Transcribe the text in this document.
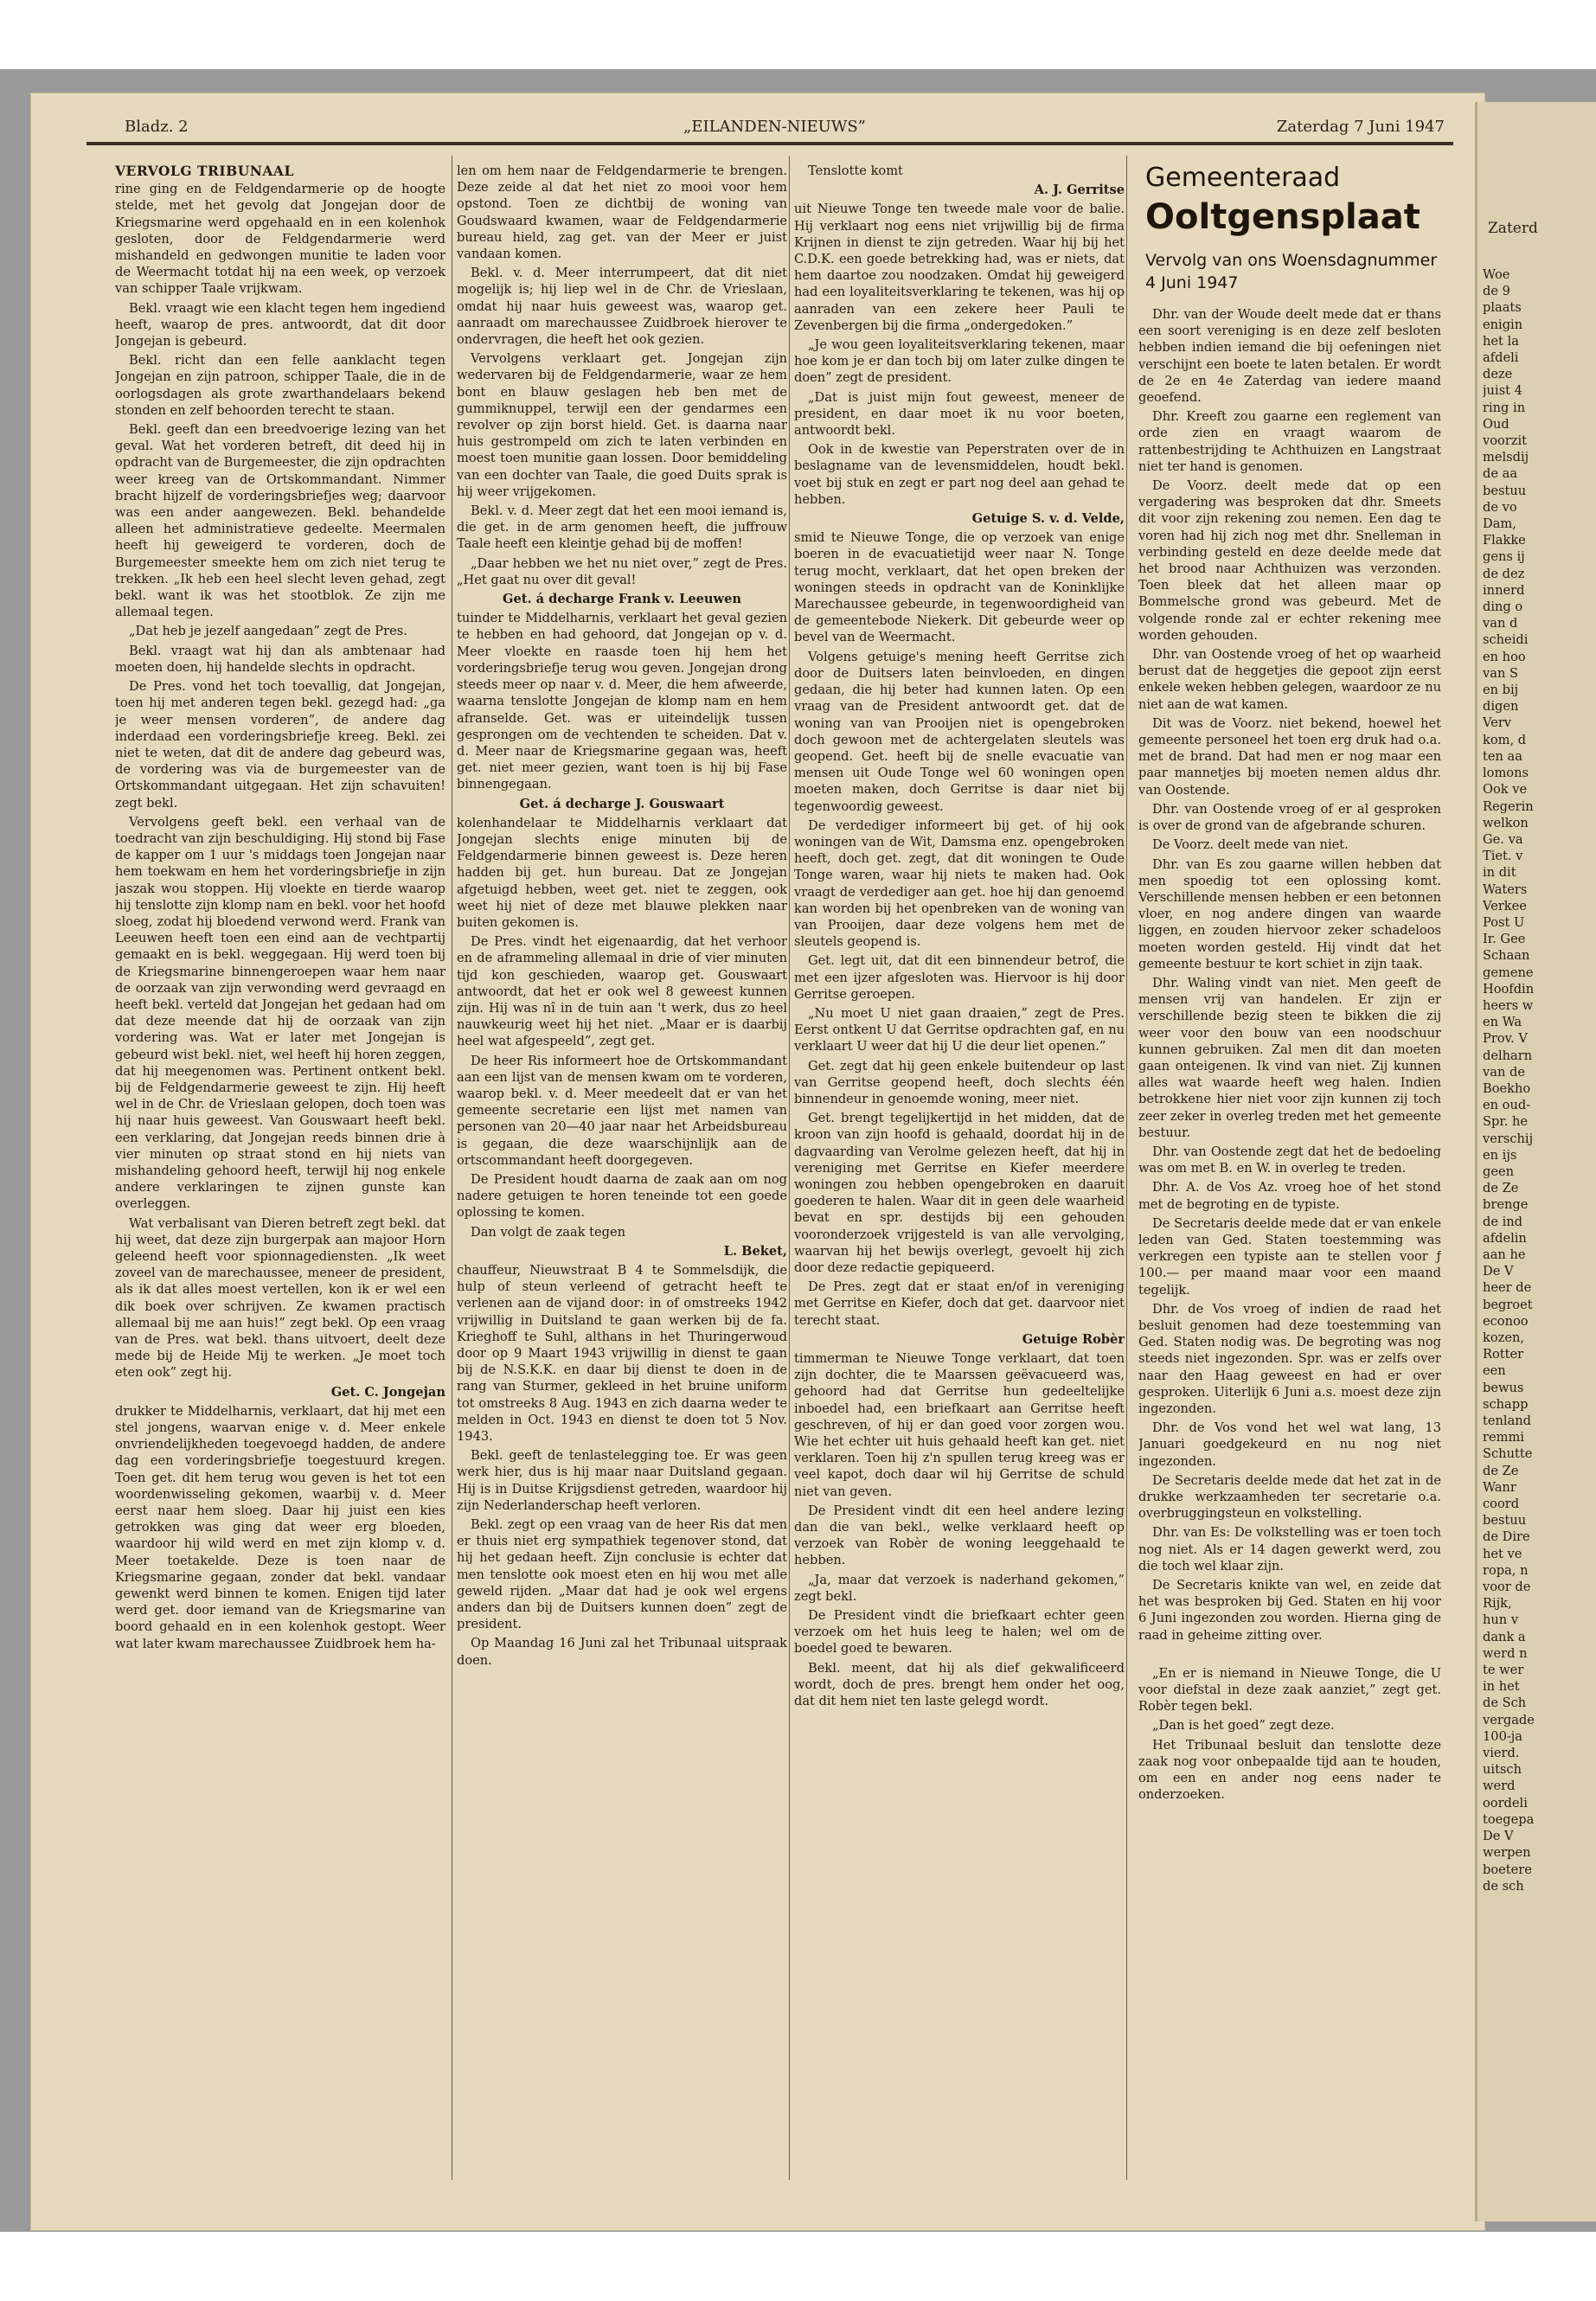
Zaterd
Woe
de 9
plaats
enigin
het la
afdeli
deze
juist 4
ring in
Oud
voorzit
melsdij
de aa
bestuu
de vo
Dam,
Flakke
gens ij
de dez
innerd
ding o
van d
scheidi
en hoo
van S
en bij
digen
Verv
kom, d
ten aa
lomons
Ook ve
Regerin
welkon
Ge. va
Tiet. v
in dit
Waters
Verkee
Post U
Ir. Gee
Schaan
gemene
Hoofdin
heers w
en Wa
Prov. V
delharn
van de
Boekho
en oud-
Spr. he
verschij
en ijs
geen
de Ze
brenge
de ind
afdelin
aan he
De V
heer de
begroet
econoo
kozen,
Rotter
een
bewus
schapp
tenland
remmi
Schutte
de Ze
Wanr
coord
bestuu
de Dire
het ve
ropa, n
voor de
Rijk,
hun v
dank a
werd n
te wer
in het
de Sch
vergade
100-ja
vierd.
uitsch
werd
oordeli
toegepa
De V
werpen
boetere
de sch
Bladz. 2	„EILANDEN-NIEUWS”	Zaterdag 7 Juni 1947
VERVOLG TRIBUNAAL

rine ging en de Feldgendarmerie op de hoogte stelde, met het gevolg dat Jongejan door de Kriegsmarine werd opgehaald en in een kolenhok gesloten, door de Feldgendarmerie werd mishandeld en gedwongen munitie te laden voor de Weermacht totdat hij na een week, op verzoek van schipper Taale vrijkwam.

Bekl. vraagt wie een klacht tegen hem ingediend heeft, waarop de pres. antwoordt, dat dit door Jongejan is gebeurd.

Bekl. richt dan een felle aanklacht tegen Jongejan en zijn patroon, schipper Taale, die in de oorlogsdagen als grote zwarthandelaars bekend stonden en zelf behoorden terecht te staan.

Bekl. geeft dan een breedvoerige lezing van het geval. Wat het vorderen betreft, dit deed hij in opdracht van de Burgemeester, die zijn opdrachten weer kreeg van de Ortskommandant. Nimmer bracht hijzelf de vorderingsbriefjes weg; daarvoor was een ander aangewezen. Bekl. behandelde alleen het administratieve gedeelte. Meermalen heeft hij geweigerd te vorderen, doch de Burgemeester smeekte hem om zich niet terug te trekken. „Ik heb een heel slecht leven gehad, zegt bekl. want ik was het stootblok. Ze zijn me allemaal tegen.

„Dat heb je jezelf aangedaan” zegt de Pres.

Bekl. vraagt wat hij dan als ambtenaar had moeten doen, hij handelde slechts in opdracht.

De Pres. vond het toch toevallig, dat Jongejan, toen hij met anderen tegen bekl. gezegd had: „ga je weer mensen vorderen”, de andere dag inderdaad een vorderingsbriefje kreeg. Bekl. zei niet te weten, dat dit de andere dag gebeurd was, de vordering was via de burgemeester van de Ortskommandant uitgegaan. Het zijn schavuiten! zegt bekl.

Vervolgens geeft bekl. een verhaal van de toedracht van zijn beschuldiging. Hij stond bij Fase de kapper om 1 uur 's middags toen Jongejan naar hem toekwam en hem het vorderingsbriefje in zijn jaszak wou stoppen. Hij vloekte en tierde waarop hij tenslotte zijn klomp nam en bekl. voor het hoofd sloeg, zodat hij bloedend verwond werd. Frank van Leeuwen heeft toen een eind aan de vechtpartij gemaakt en is bekl. weggegaan. Hij werd toen bij de Kriegsmarine binnengeroepen waar hem naar de oorzaak van zijn verwonding werd gevraagd en heeft bekl. verteld dat Jongejan het gedaan had om dat deze meende dat hij de oorzaak van zijn vordering was. Wat er later met Jongejan is gebeurd wist bekl. niet, wel heeft hij horen zeggen, dat hij meegenomen was. Pertinent ontkent bekl. bij de Feldgendarmerie geweest te zijn. Hij heeft wel in de Chr. de Vrieslaan gelopen, doch toen was hij naar huis geweest. Van Gouswaart heeft bekl. een verklaring, dat Jongejan reeds binnen drie à vier minuten op straat stond en hij niets van mishandeling gehoord heeft, terwijl hij nog enkele andere verklaringen te zijnen gunste kan overleggen.

Wat verbalisant van Dieren betreft zegt bekl. dat hij weet, dat deze zijn burgerpak aan majoor Horn geleend heeft voor spionnagediensten. „Ik weet zoveel van de marechaussee, meneer de president, als ik dat alles moest vertellen, kon ik er wel een dik boek over schrijven. Ze kwamen practisch allemaal bij me aan huis!” zegt bekl. Op een vraag van de Pres. wat bekl. thans uitvoert, deelt deze mede bij de Heide Mij te werken. „Je moet toch eten ook” zegt hij.

Get. C. Jongejan

drukker te Middelharnis, verklaart, dat hij met een stel jongens, waarvan enige v. d. Meer enkele onvriendelijkheden toegevoegd hadden, de andere dag een vorderingsbriefje toegestuurd kregen. Toen get. dit hem terug wou geven is het tot een woordenwisseling gekomen, waarbij v. d. Meer eerst naar hem sloeg. Daar hij juist een kies getrokken was ging dat weer erg bloeden, waardoor hij wild werd en met zijn klomp v. d. Meer toetakelde. Deze is toen naar de Kriegsmarine gegaan, zonder dat bekl. vandaar gewenkt werd binnen te komen. Enigen tijd later werd get. door iemand van de Kriegsmarine van boord gehaald en in een kolenhok gestopt. Weer wat later kwam marechaussee Zuidbroek hem ha-

len om hem naar de Feldgendarmerie te brengen. Deze zeide al dat het niet zo mooi voor hem opstond. Toen ze dichtbij de woning van Goudswaard kwamen, waar de Feldgendarmerie bureau hield, zag get. van der Meer er juist vandaan komen.

Bekl. v. d. Meer interrumpeert, dat dit niet mogelijk is; hij liep wel in de Chr. de Vrieslaan, omdat hij naar huis geweest was, waarop get. aanraadt om marechaussee Zuidbroek hierover te ondervragen, die heeft het ook gezien.

Vervolgens verklaart get. Jongejan zijn wedervaren bij de Feldgendarmerie, waar ze hem bont en blauw geslagen heb ben met de gummiknuppel, terwijl een der gendarmes een revolver op zijn borst hield. Get. is daarna naar huis gestrompeld om zich te laten verbinden en moest toen munitie gaan lossen. Door bemiddeling van een dochter van Taale, die goed Duits sprak is hij weer vrijgekomen.

Bekl. v. d. Meer zegt dat het een mooi iemand is, die get. in de arm genomen heeft, die juffrouw Taale heeft een kleintje gehad bij de moffen!

„Daar hebben we het nu niet over,” zegt de Pres. „Het gaat nu over dit geval!

Get. á decharge Frank v. Leeuwen

tuinder te Middelharnis, verklaart het geval gezien te hebben en had gehoord, dat Jongejan op v. d. Meer vloekte en raasde toen hij hem het vorderingsbriefje terug wou geven. Jongejan drong steeds meer op naar v. d. Meer, die hem afweerde, waarna tenslotte Jongejan de klomp nam en hem afranselde. Get. was er uiteindelijk tussen gesprongen om de vechtenden te scheiden. Dat v. d. Meer naar de Kriegsmarine gegaan was, heeft get. niet meer gezien, want toen is hij bij Fase binnengegaan.

Get. á decharge J. Gouswaart

kolenhandelaar te Middelharnis verklaart dat Jongejan slechts enige minuten bij de Feldgendarmerie binnen geweest is. Deze heren hadden bij get. hun bureau. Dat ze Jongejan afgetuigd hebben, weet get. niet te zeggen, ook weet hij niet of deze met blauwe plekken naar buiten gekomen is.

De Pres. vindt het eigenaardig, dat het verhoor en de aframmeling allemaal in drie of vier minuten tijd kon geschieden, waarop get. Gouswaart antwoordt, dat het er ook wel 8 geweest kunnen zijn. Hij was nî in de tuin aan 't werk, dus zo heel nauwkeurig weet hij het niet. „Maar er is daarbij heel wat afgespeeld”, zegt get.

De heer Ris informeert hoe de Ortskommandant aan een lijst van de mensen kwam om te vorderen, waarop bekl. v. d. Meer meedeelt dat er van het gemeente secretarie een lijst met namen van personen van 20—40 jaar naar het Arbeidsbureau is gegaan, die deze waarschijnlijk aan de ortscommandant heeft doorgegeven.

De President houdt daarna de zaak aan om nog nadere getuigen te horen teneinde tot een goede oplossing te komen.

Dan volgt de zaak tegen

L. Beket,

chauffeur, Nieuwstraat B 4 te Sommelsdijk, die hulp of steun verleend of getracht heeft te verlenen aan de vijand door: in of omstreeks 1942 vrijwillig in Duitsland te gaan werken bij de fa. Krieghoff te Suhl, althans in het Thuringerwoud door op 9 Maart 1943 vrijwillig in dienst te gaan bij de N.S.K.K. en daar bij dienst te doen in de rang van Sturmer, gekleed in het bruine uniform tot omstreeks 8 Aug. 1943 en zich daarna weder te melden in Oct. 1943 en dienst te doen tot 5 Nov. 1943.

Bekl. geeft de tenlastelegging toe. Er was geen werk hier, dus is hij maar naar Duitsland gegaan. Hij is in Duitse Krijgsdienst getreden, waardoor hij zijn Nederlanderschap heeft verloren.

Bekl. zegt op een vraag van de heer Ris dat men er thuis niet erg sympathiek tegenover stond, dat hij het gedaan heeft. Zijn conclusie is echter dat men tenslotte ook moest eten en hij wou met alle geweld rijden. „Maar dat had je ook wel ergens anders dan bij de Duitsers kunnen doen” zegt de president.

Op Maandag 16 Juni zal het Tribunaal uitspraak doen.

Tenslotte komt

A. J. Gerritse

uit Nieuwe Tonge ten tweede male voor de balie. Hij verklaart nog eens niet vrijwillig bij de firma Krijnen in dienst te zijn getreden. Waar hij bij het C.D.K. een goede betrekking had, was er niets, dat hem daartoe zou noodzaken. Omdat hij geweigerd had een loyaliteitsverklaring te tekenen, was hij op aanraden van een zekere heer Pauli te Zevenbergen bij die firma „ondergedoken.”

„Je wou geen loyaliteitsverklaring tekenen, maar hoe kom je er dan toch bij om later zulke dingen te doen” zegt de president.

„Dat is juist mijn fout geweest, meneer de president, en daar moet ik nu voor boeten, antwoordt bekl.

Ook in de kwestie van Peperstraten over de in beslagname van de levensmiddelen, houdt bekl. voet bij stuk en zegt er part nog deel aan gehad te hebben.

Getuige S. v. d. Velde,

smid te Nieuwe Tonge, die op verzoek van enige boeren in de evacuatietijd weer naar N. Tonge terug mocht, verklaart, dat het open breken der woningen steeds in opdracht van de Koninklijke Marechaussee gebeurde, in tegenwoordigheid van de gemeentebode Niekerk. Dit gebeurde weer op bevel van de Weermacht.

Volgens getuige's mening heeft Gerritse zich door de Duitsers laten beinvloeden, en dingen gedaan, die hij beter had kunnen laten. Op een vraag van de President antwoordt get. dat de woning van van Prooijen niet is opengebroken doch gewoon met de achtergelaten sleutels was geopend. Get. heeft bij de snelle evacuatie van mensen uit Oude Tonge wel 60 woningen open moeten maken, doch Gerritse is daar niet bij tegenwoordig geweest.

De verdediger informeert bij get. of hij ook woningen van de Wit, Damsma enz. opengebroken heeft, doch get. zegt, dat dit woningen te Oude Tonge waren, waar hij niets te maken had. Ook vraagt de verdediger aan get. hoe hij dan genoemd kan worden bij het openbreken van de woning van van Prooijen, daar deze volgens hem met de sleutels geopend is.

Get. legt uit, dat dit een binnendeur betrof, die met een ijzer afgesloten was. Hiervoor is hij door Gerritse geroepen.

„Nu moet U niet gaan draaien,” zegt de Pres. Eerst ontkent U dat Gerritse opdrachten gaf, en nu verklaart U weer dat hij U die deur liet openen.”

Get. zegt dat hij geen enkele buitendeur op last van Gerritse geopend heeft, doch slechts één binnendeur in genoemde woning, meer niet.

Get. brengt tegelijkertijd in het midden, dat de kroon van zijn hoofd is gehaald, doordat hij in de dagvaarding van Verolme gelezen heeft, dat hij in vereniging met Gerritse en Kiefer meerdere woningen zou hebben opengebroken en daaruit goederen te halen. Waar dit in geen dele waarheid bevat en spr. destijds bij een gehouden vooronderzoek vrijgesteld is van alle vervolging, waarvan hij het bewijs overlegt, gevoelt hij zich door deze redactie gepiqueerd.

De Pres. zegt dat er staat en/of in vereniging met Gerritse en Kiefer, doch dat get. daarvoor niet terecht staat.

Getuige Robèr

timmerman te Nieuwe Tonge verklaart, dat toen zijn dochter, die te Maarssen geëvacueerd was, gehoord had dat Gerritse hun gedeeltelijke inboedel had, een briefkaart aan Gerritse heeft geschreven, of hij er dan goed voor zorgen wou. Wie het echter uit huis gehaald heeft kan get. niet verklaren. Toen hij z'n spullen terug kreeg was er veel kapot, doch daar wil hij Gerritse de schuld niet van geven.

De President vindt dit een heel andere lezing dan die van bekl., welke verklaard heeft op verzoek van Robèr de woning leeggehaald te hebben.

„Ja, maar dat verzoek is naderhand gekomen,” zegt bekl.

De President vindt die briefkaart echter geen verzoek om het huis leeg te halen; wel om de boedel goed te bewaren.

Bekl. meent, dat hij als dief gekwalificeerd wordt, doch de pres. brengt hem onder het oog, dat dit hem niet ten laste gelegd wordt.

Gemeenteraad
Ooltgensplaat
Vervolg van ons Woensdagnummer 4 Juni 1947

Dhr. van der Woude deelt mede dat er thans een soort vereniging is en deze zelf besloten hebben indien iemand die bij oefeningen niet verschijnt een boete te laten betalen. Er wordt de 2e en 4e Zaterdag van iedere maand geoefend.

Dhr. Kreeft zou gaarne een reglement van orde zien en vraagt waarom de rattenbestrijding te Achthuizen en Langstraat niet ter hand is genomen.

De Voorz. deelt mede dat op een vergadering was besproken dat dhr. Smeets dit voor zijn rekening zou nemen. Een dag te voren had hij zich nog met dhr. Snelleman in verbinding gesteld en deze deelde mede dat het brood naar Achthuizen was verzonden. Toen bleek dat het alleen maar op Bommelsche grond was gebeurd. Met de volgende ronde zal er echter rekening mee worden gehouden.

Dhr. van Oostende vroeg of het op waarheid berust dat de heggetjes die gepoot zijn eerst enkele weken hebben gelegen, waardoor ze nu niet aan de wat kamen.

Dit was de Voorz. niet bekend, hoewel het gemeente personeel het toen erg druk had o.a. met de brand. Dat had men er nog maar een paar mannetjes bij moeten nemen aldus dhr. van Oostende.

Dhr. van Oostende vroeg of er al gesproken is over de grond van de afgebrande schuren.

De Voorz. deelt mede van niet.

Dhr. van Es zou gaarne willen hebben dat men spoedig tot een oplossing komt. Verschillende mensen hebben er een betonnen vloer, en nog andere dingen van waarde liggen, en zouden hiervoor zeker schadeloos moeten worden gesteld. Hij vindt dat het gemeente bestuur te kort schiet in zijn taak.

Dhr. Waling vindt van niet. Men geeft de mensen vrij van handelen. Er zijn er verschillende bezig steen te bikken die zij weer voor den bouw van een noodschuur kunnen gebruiken. Zal men dit dan moeten gaan onteigenen. Ik vind van niet. Zij kunnen alles wat waarde heeft weg halen. Indien betrokkene hier niet voor zijn kunnen zij toch zeer zeker in overleg treden met het gemeente bestuur.

Dhr. van Oostende zegt dat het de bedoeling was om met B. en W. in overleg te treden.

Dhr. A. de Vos Az. vroeg hoe of het stond met de begroting en de typiste.

De Secretaris deelde mede dat er van enkele leden van Ged. Staten toestemming was verkregen een typiste aan te stellen voor ƒ 100.— per maand maar voor een maand tegelijk.

Dhr. de Vos vroeg of indien de raad het besluit genomen had deze toestemming van Ged. Staten nodig was. De begroting was nog steeds niet ingezonden. Spr. was er zelfs over naar den Haag geweest en had er over gesproken. Uiterlijk 6 Juni a.s. moest deze zijn ingezonden.

Dhr. de Vos vond het wel wat lang, 13 Januari goedgekeurd en nu nog niet ingezonden.

De Secretaris deelde mede dat het zat in de drukke werkzaamheden ter secretarie o.a. overbruggingsteun en volkstelling.

Dhr. van Es: De volkstelling was er toen toch nog niet. Als er 14 dagen gewerkt werd, zou die toch wel klaar zijn.

De Secretaris knikte van wel, en zeide dat het was besproken bij Ged. Staten en hij voor 6 Juni ingezonden zou worden. Hierna ging de raad in geheime zitting over.

„En er is niemand in Nieuwe Tonge, die U voor diefstal in deze zaak aanziet,” zegt get. Robèr tegen bekl.

„Dan is het goed” zegt deze.

Het Tribunaal besluit dan tenslotte deze zaak nog voor onbepaalde tijd aan te houden, om een en ander nog eens nader te onderzoeken.
